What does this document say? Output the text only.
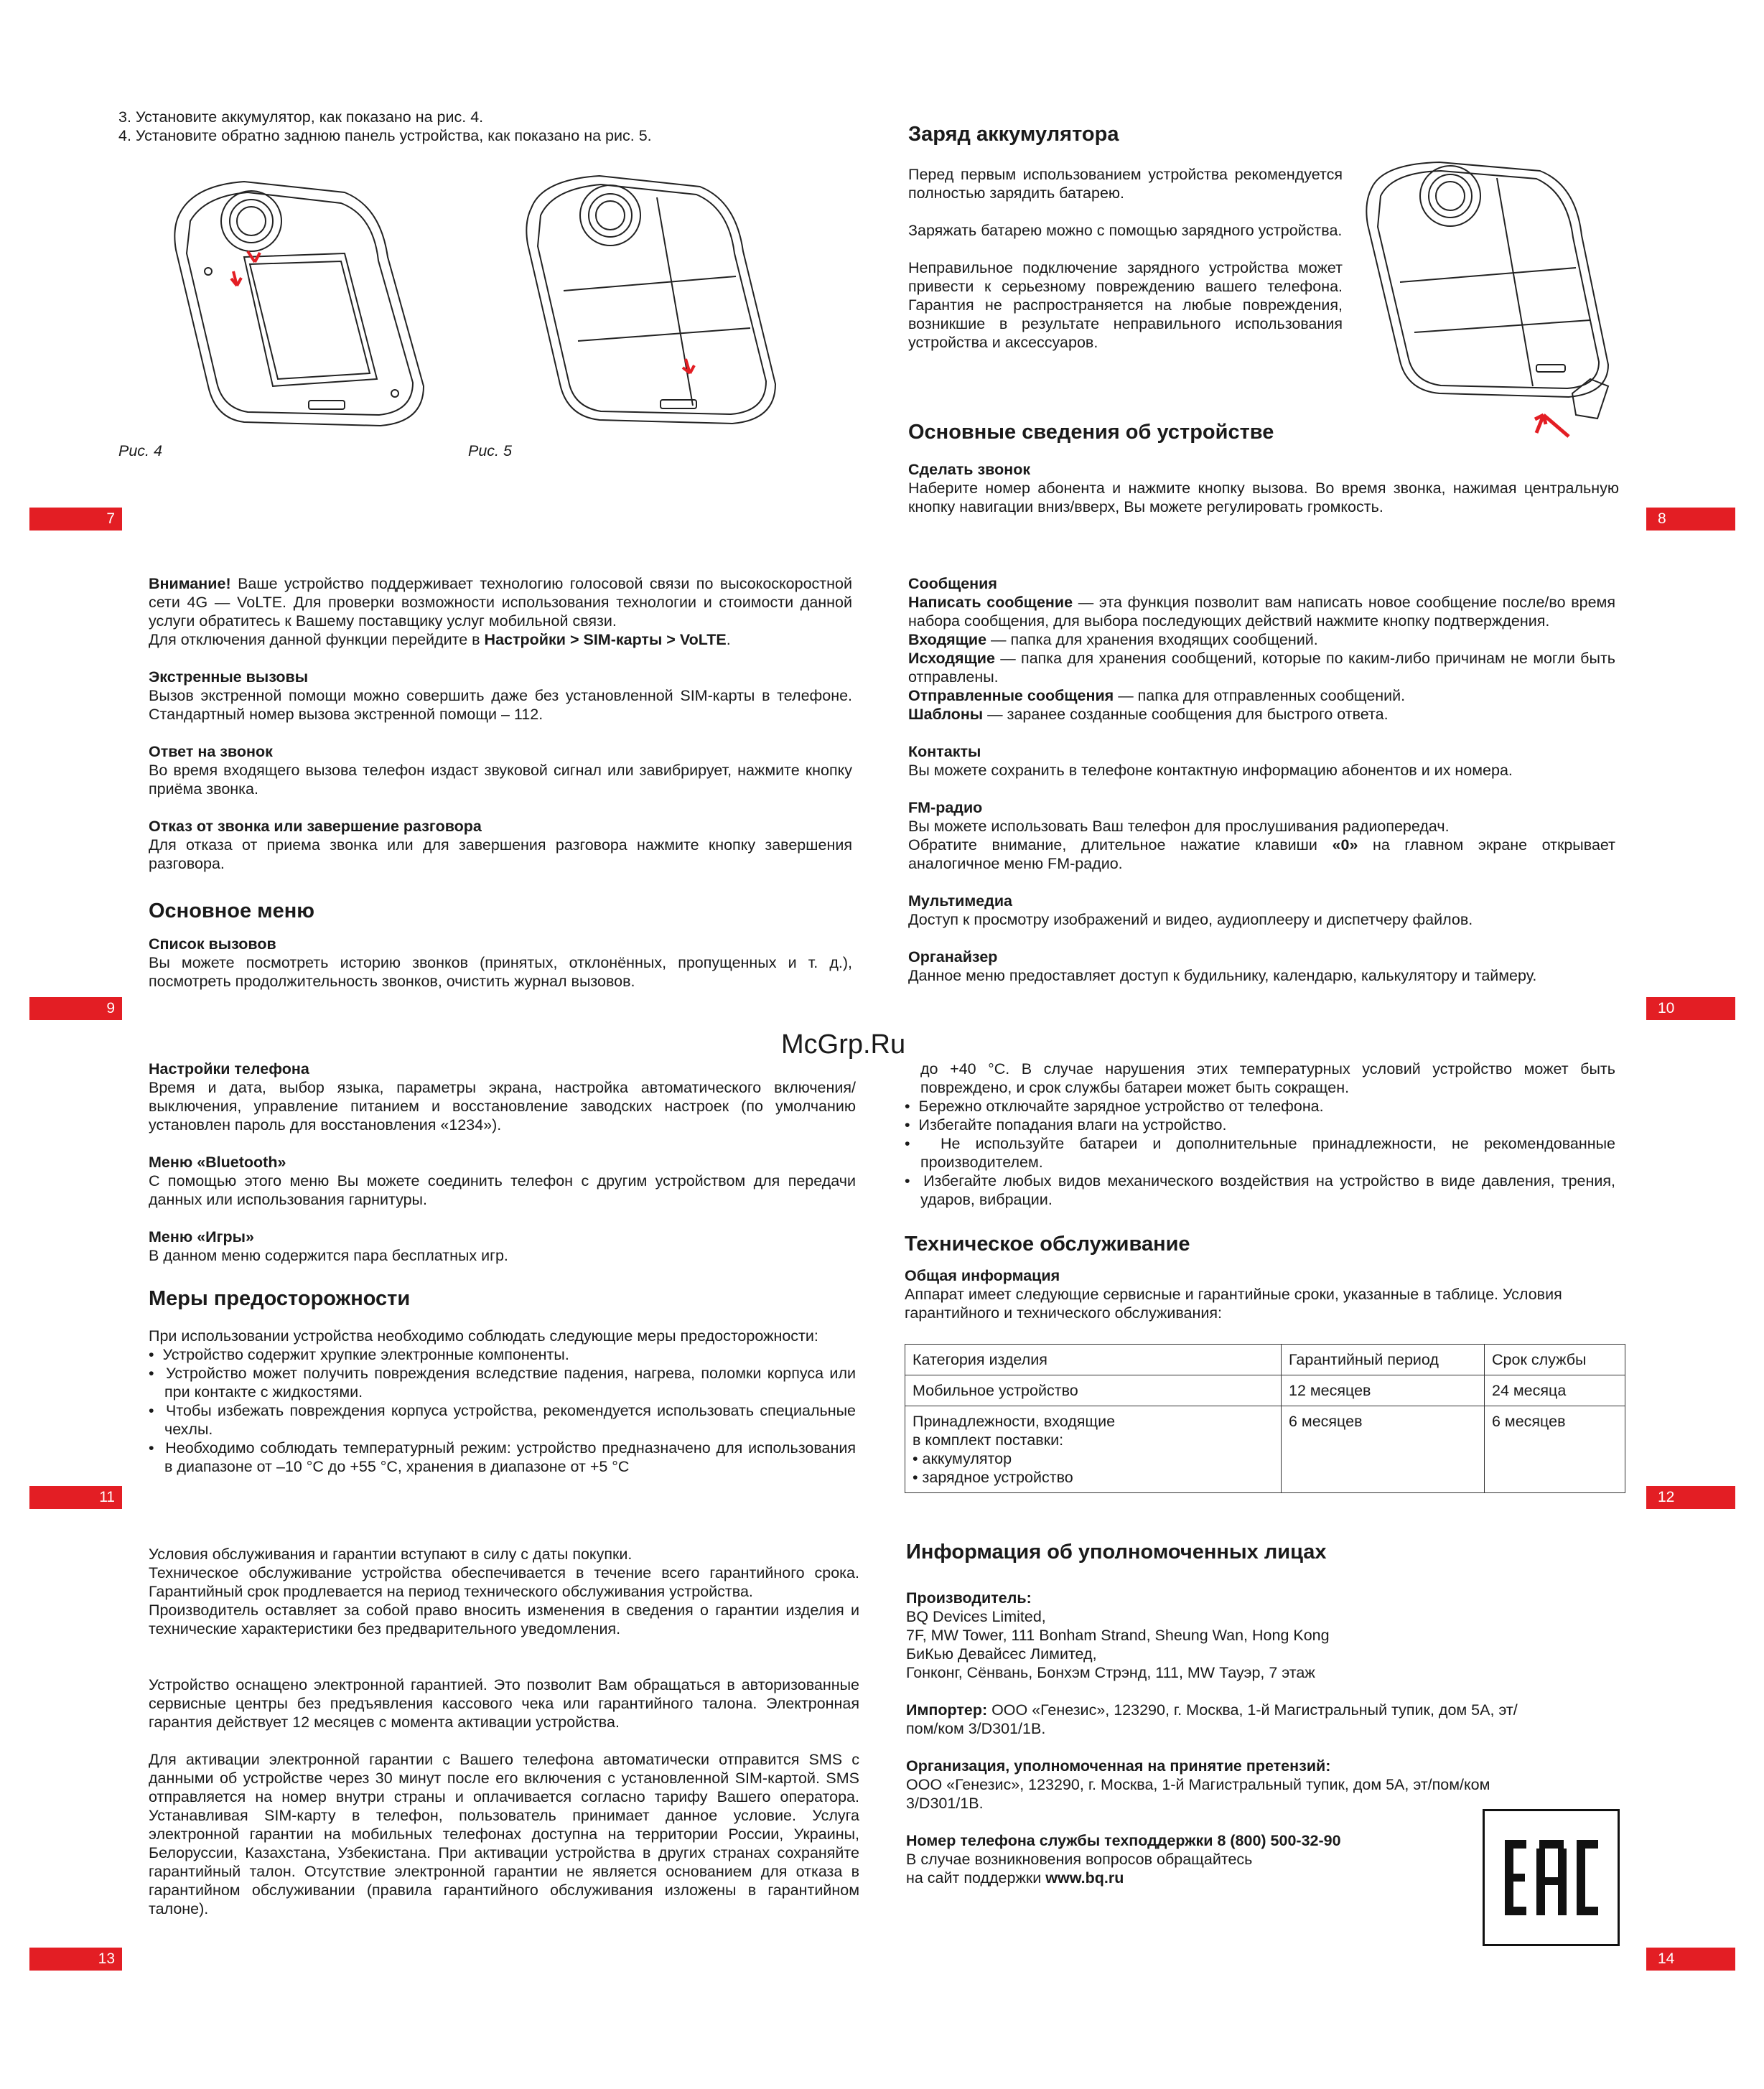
7	8
9	10
11	12
13	14
McGrp.Ru

3. Установите аккумулятор, как показано на рис. 4.

4. Установите обратно заднюю панель устройства, как показано на рис. 5.

Рис. 4	Рис. 5

Заряд аккумулятора

Перед первым использованием устройства рекомендуется полностью зарядить батарею.

Заряжать батарею можно с помощью зарядного устройства.

Неправильное подключение зарядного устройства может привести к серьезному повреждению вашего телефона. Гарантия не распространяется на любые повреждения, возникшие в результате неправильного использования устройства и аксессуаров.

Основные сведения об устройстве

Сделать звонок

Наберите номер абонента и нажмите кнопку вызова. Во время звонка, нажимая центральную кнопку навигации вниз/вверх, Вы можете регулировать громкость.

Внимание! Ваше устройство поддерживает технологию голосовой связи по высокоскоростной сети 4G — VoLTE. Для проверки возможности использования технологии и стоимости данной услуги обратитесь к Вашему поставщику услуг мобильной связи.

Для отключения данной функции перейдите в Настройки > SIM-карты > VoLTE.

Экстренные вызовы

Вызов экстренной помощи можно совершить даже без установленной SIM-карты в телефоне. Стандартный номер вызова экстренной помощи – 112.

Ответ на звонок

Во время входящего вызова телефон издаст звуковой сигнал или завибрирует, нажмите кнопку приёма звонка.

Отказ от звонка или завершение разговора

Для отказа от приема звонка или для завершения разговора нажмите кнопку завершения разговора.

Основное меню

Список вызовов

Вы можете посмотреть историю звонков (принятых, отклонённых, пропущенных и т. д.), посмотреть продолжительность звонков, очистить журнал вызовов.

Сообщения

Написать сообщение — эта функция позволит вам написать новое сообщение после/во время набора сообщения, для выбора последующих действий нажмите кнопку подтверждения.

Входящие — папка для хранения входящих сообщений.

Исходящие — папка для хранения сообщений, которые по каким-либо причинам не могли быть отправлены.

Отправленные сообщения — папка для отправленных сообщений.

Шаблоны — заранее созданные сообщения для быстрого ответа.

Контакты

Вы можете сохранить в телефоне контактную информацию абонентов и их номера.

FM-радио

Вы можете использовать Ваш телефон для прослушивания радиопередач.

Обратите внимание, длительное нажатие клавиши «0» на главном экране открывает аналогичное меню FM-радио.

Мультимедиа

Доступ к просмотру изображений и видео, аудиоплееру и диспетчеру файлов.

Органайзер

Данное меню предоставляет доступ к будильнику, календарю, калькулятору и таймеру.

Настройки телефона

Время и дата, выбор языка, параметры экрана, настройка автоматического включения/выключения, управление питанием и восстановление заводских настроек (по умолчанию установлен пароль для восстановления «1234»).

Меню «Bluetooth»

С помощью этого меню Вы можете соединить телефон с другим устройством для передачи данных или использования гарнитуры.

Меню «Игры»

В данном меню содержится пара бесплатных игр.

Меры предосторожности

При использовании устройства необходимо соблюдать следующие меры предосторожности:

•  Устройство содержит хрупкие электронные компоненты.

•  Устройство может получить повреждения вследствие падения, нагрева, поломки корпуса или при контакте с жидкостями.

•  Чтобы избежать повреждения корпуса устройства, рекомендуется использовать специальные чехлы.

•  Необходимо соблюдать температурный режим: устройство предназначено для использования в диапазоне от –10 °C до +55 °C, хранения в диапазоне от +5 °C

до +40 °C. В случае нарушения этих температурных условий устройство может быть повреждено, и срок службы батареи может быть сокращен.

•  Бережно отключайте зарядное устройство от телефона.

•  Избегайте попадания влаги на устройство.

•  Не используйте батареи и дополнительные принадлежности, не рекомендованные производителем.

•  Избегайте любых видов механического воздействия на устройство в виде давления, трения, ударов, вибрации.

Техническое обслуживание

Общая информация

Аппарат имеет следующие сервисные и гарантийные сроки, указанные в таблице. Условия гарантийного и технического обслуживания:

Категория изделия	Гарантийный период	Срок службы
Мобильное устройство	12 месяцев	24 месяца

Принадлежности, входящие
в комплект поставки:
• аккумулятор
• зарядное устройство	6 месяцев	6 месяцев

Условия обслуживания и гарантии вступают в силу с даты покупки.

Техническое обслуживание устройства обеспечивается в течение всего гарантийного срока. Гарантийный срок продлевается на период технического обслуживания устройства.

Производитель оставляет за собой право вносить изменения в сведения о гарантии изделия и технические характеристики без предварительного уведомления.

Устройство оснащено электронной гарантией. Это позволит Вам обращаться в авторизованные сервисные центры без предъявления кассового чека или гарантийного талона. Электронная гарантия действует 12 месяцев с момента активации устройства.

Для активации электронной гарантии с Вашего телефона автоматически отправится SMS с данными об устройстве через 30 минут после его включения с установленной SIM-картой. SMS отправляется на номер внутри страны и оплачивается согласно тарифу Вашего оператора. Устанавливая SIM-карту в телефон, пользователь принимает данное условие. Услуга электронной гарантии на мобильных телефонах доступна на территории России, Украины, Белоруссии, Казахстана, Узбекистана. При активации устройства в других странах сохраняйте гарантийный талон. Отсутствие электронной гарантии не является основанием для отказа в гарантийном обслуживании (правила гарантийного обслуживания изложены в гарантийном талоне).

Информация об уполномоченных лицах

Производитель:

BQ Devices Limited,

7F, MW Tower, 111 Bonham Strand, Sheung Wan, Hong Kong

БиКью Девайсес Лимитед,

Гонконг, Сёнвань, Бонхэм Стрэнд, 111, MW Тауэр, 7 этаж

Импортер: ООО «Генезис», 123290, г. Москва, 1-й Магистральный тупик, дом 5А, эт/пом/ком 3/D301/1В.

Организация, уполномоченная на принятие претензий:

ООО «Генезис», 123290, г. Москва, 1-й Магистральный тупик, дом 5А, эт/пом/ком 3/D301/1В.

Номер телефона службы техподдержки 8 (800) 500-32-90

В случае возникновения вопросов обращайтесь

на сайт поддержки www.bq.ru
